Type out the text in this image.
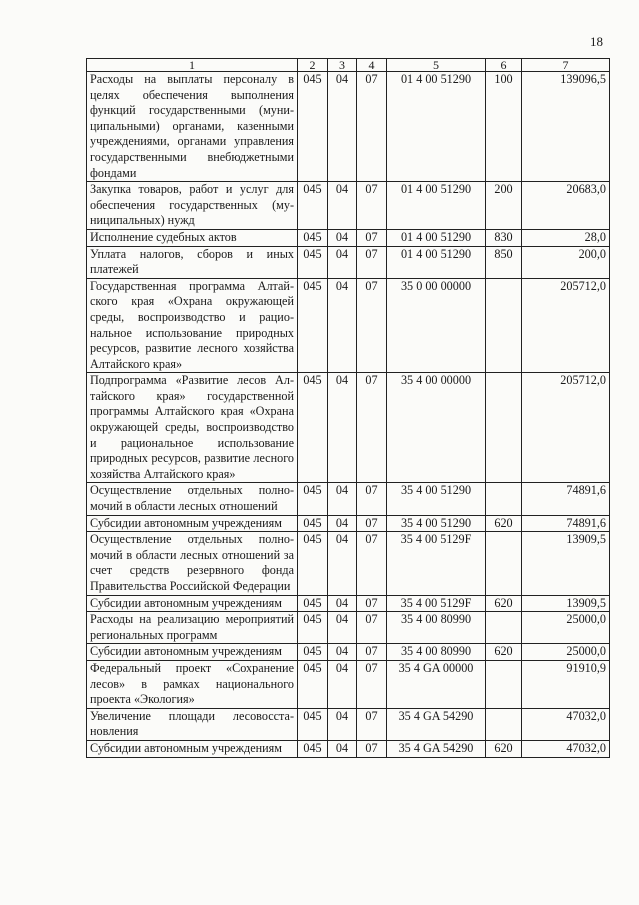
18
1	2	3	4	5	6	7
Расходы на выплаты персоналу в целях обеспечения выполнения функций государственными (муниципальными) органами, казенными учреждениями, органами управления государственными внебюджетными фондами	045	04	07	01 4 00 51290	100	139096,5
Закупка товаров, работ и услуг для обеспечения государственных (муниципальных) нужд	045	04	07	01 4 00 51290	200	20683,0
Исполнение судебных актов	045	04	07	01 4 00 51290	830	28,0
Уплата налогов, сборов и иных платежей	045	04	07	01 4 00 51290	850	200,0
Государственная программа Алтайского края «Охрана окружающей среды, воспроизводство и рациональное использование природных ресурсов, развитие лесного хозяйства Алтайского края»	045	04	07	35 0 00 00000		205712,0
Подпрограмма «Развитие лесов Алтайского края» государственной программы Алтайского края «Охрана окружающей среды, воспроизводство и рациональное использование природных ресурсов, развитие лесного хозяйства Алтайского края»	045	04	07	35 4 00 00000		205712,0
Осуществление отдельных полномочий в области лесных отношений	045	04	07	35 4 00 51290		74891,6
Субсидии автономным учреждениям	045	04	07	35 4 00 51290	620	74891,6
Осуществление отдельных полномочий в области лесных отношений за счет средств резервного фонда Правительства Российской Федерации	045	04	07	35 4 00 5129F		13909,5
Субсидии автономным учреждениям	045	04	07	35 4 00 5129F	620	13909,5
Расходы на реализацию мероприятий региональных программ	045	04	07	35 4 00 80990		25000,0
Субсидии автономным учреждениям	045	04	07	35 4 00 80990	620	25000,0
Федеральный проект «Сохранение лесов» в рамках национального проекта «Экология»	045	04	07	35 4 GA 00000		91910,9
Увеличение площади лесовосстановления	045	04	07	35 4 GA 54290		47032,0
Субсидии автономным учреждениям	045	04	07	35 4 GA 54290	620	47032,0
